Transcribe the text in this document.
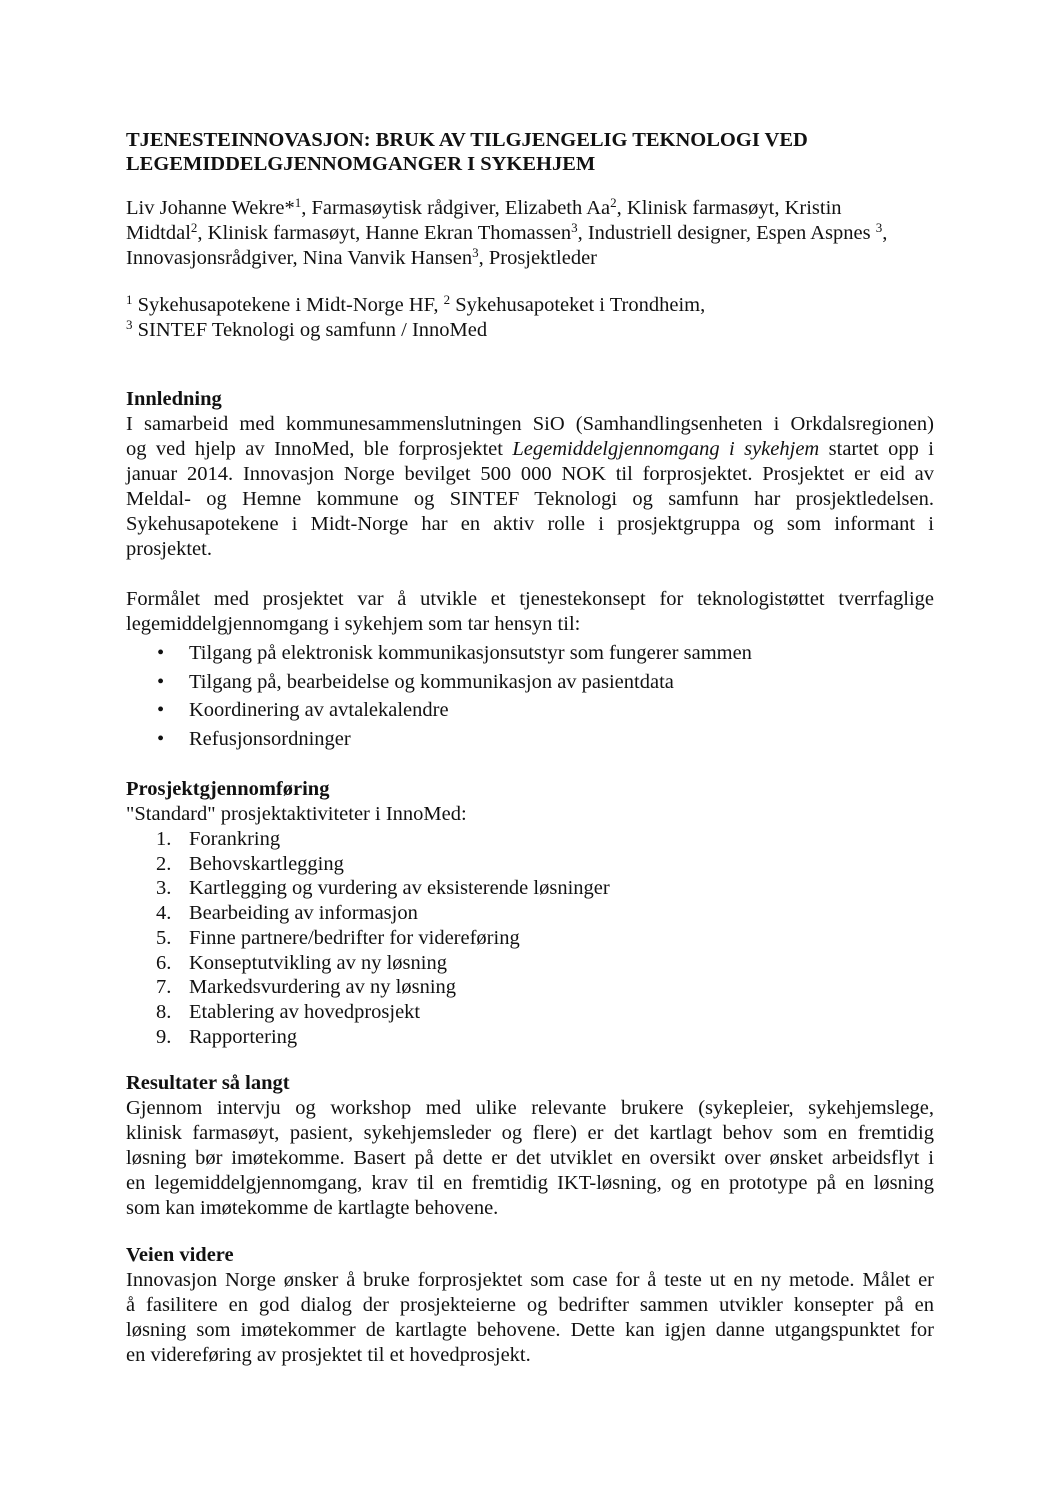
TJENESTEINNOVASJON: BRUK AV TILGJENGELIG TEKNOLOGI VED
LEGEMIDDELGJENNOMGANGER I SYKEHJEM
Liv Johanne Wekre*$^1$, Farmasøytisk rådgiver, Elizabeth Aa$^2$, Klinisk farmasøyt, Kristin
Midtdal$^2$, Klinisk farmasøyt, Hanne Ekran Thomassen$^3$, Industriell designer, Espen Aspnes $^3$,
Innovasjonsrådgiver, Nina Vanvik Hansen$^3$, Prosjektleder
$^1$ Sykehusapotekene i Midt-Norge HF, $^2$ Sykehusapoteket i Trondheim,
$^3$ SINTEF Teknologi og samfunn / InnoMed
Innledning

I samarbeid med kommunesammenslutningen SiO (Samhandlingsenheten i Orkdalsregionen)
og ved hjelp av InnoMed, ble forprosjektet Legemiddelgjennomgang i sykehjem startet opp i
januar 2014. Innovasjon Norge bevilget 500 000 NOK til forprosjektet. Prosjektet er eid av
Meldal- og Hemne kommune og SINTEF Teknologi og samfunn har prosjektledelsen.
Sykehusapotekene i Midt-Norge har en aktiv rolle i prosjektgruppa og som informant i
prosjektet.

Formålet med prosjektet var å utvikle et tjenestekonsept for teknologistøttet tverrfaglige
legemiddelgjennomgang i sykehjem som tar hensyn til:

• Tilgang på elektronisk kommunikasjonsutstyr som fungerer sammen
• Tilgang på, bearbeidelse og kommunikasjon av pasientdata
• Koordinering av avtalekalendre
• Refusjonsordninger
Prosjektgjennomføring
"Standard" prosjektaktiviteter i InnoMed:
1. Forankring
2. Behovskartlegging
3. Kartlegging og vurdering av eksisterende løsninger
4. Bearbeiding av informasjon
5. Finne partnere/bedrifter for videreføring
6. Konseptutvikling av ny løsning
7. Markedsvurdering av ny løsning
8. Etablering av hovedprosjekt
9. Rapportering
Resultater så langt

Gjennom intervju og workshop med ulike relevante brukere (sykepleier, sykehjemslege,
klinisk farmasøyt, pasient, sykehjemsleder og flere) er det kartlagt behov som en fremtidig
løsning bør imøtekomme. Basert på dette er det utviklet en oversikt over ønsket arbeidsflyt i
en legemiddelgjennomgang, krav til en fremtidig IKT-løsning, og en prototype på en løsning
som kan imøtekomme de kartlagte behovene.

Veien videre

Innovasjon Norge ønsker å bruke forprosjektet som case for å teste ut en ny metode. Målet er
å fasilitere en god dialog der prosjekteierne og bedrifter sammen utvikler konsepter på en
løsning som imøtekommer de kartlagte behovene. Dette kan igjen danne utgangspunktet for
en videreføring av prosjektet til et hovedprosjekt.
